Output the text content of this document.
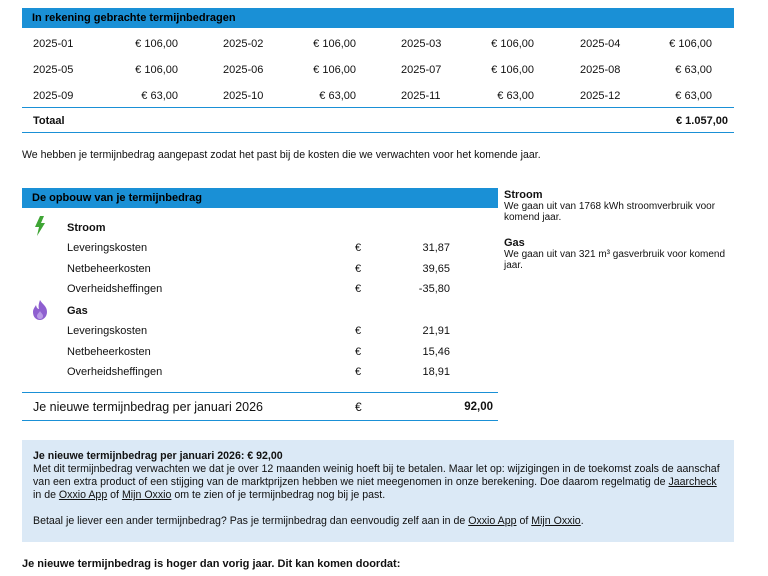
In rekening gebrachte termijnbedragen
2025-01	€ 106,00	2025-02	€ 106,00	2025-03	€ 106,00	2025-04	€ 106,00
2025-05	€ 106,00	2025-06	€ 106,00	2025-07	€ 106,00	2025-08	€ 63,00
2025-09	€ 63,00	2025-10	€ 63,00	2025-11	€ 63,00	2025-12	€ 63,00
Totaal	€ 1.057,00
We hebben je termijnbedrag aangepast zodat het past bij de kosten die we verwachten voor het komende jaar.
De opbouw van je termijnbedrag
Stroom
Leveringskosten	€	31,87
Netbeheerkosten	€	39,65
Overheidsheffingen	€	-35,80
Gas
Leveringskosten	€	21,91
Netbeheerkosten	€	15,46
Overheidsheffingen	€	18,91
Je nieuwe termijnbedrag per januari 2026	€	92,00
Stroom
We gaan uit van 1768 kWh stroomverbruik voor komend jaar.
Gas
We gaan uit van 321 m³ gasverbruik voor komend jaar.

Je nieuwe termijnbedrag per januari 2026: € 92,00

Met dit termijnbedrag verwachten we dat je over 12 maanden weinig hoeft bij te betalen. Maar let op: wijzigingen in de toekomst zoals de aanschaf van een extra product of een stijging van de marktprijzen hebben we niet meegenomen in onze berekening. Doe daarom regelmatig de Jaarcheck in de Oxxio App of Mijn Oxxio om te zien of je termijnbedrag nog bij je past.

Betaal je liever een ander termijnbedrag? Pas je termijnbedrag dan eenvoudig zelf aan in de Oxxio App of Mijn Oxxio.

Je nieuwe termijnbedrag is hoger dan vorig jaar. Dit kan komen doordat:
